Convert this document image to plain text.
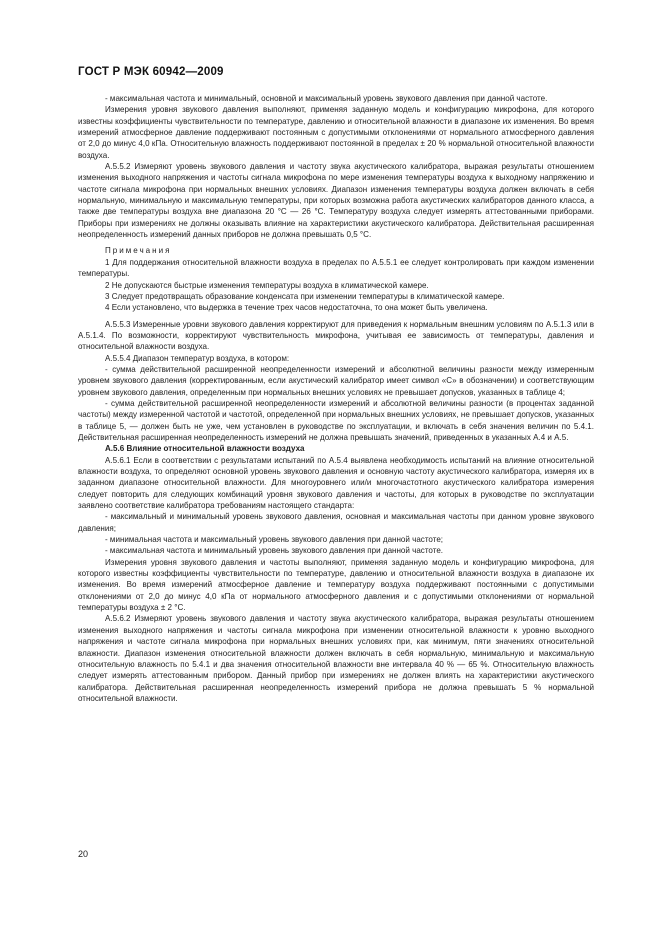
ГОСТ Р МЭК 60942—2009

- максимальная частота и минимальный, основной и максимальный уровень звукового давления при данной частоте.

Измерения уровня звукового давления выполняют, применяя заданную модель и конфигурацию микрофона, для которого известны коэффициенты чувствительности по температуре, давлению и относительной влажности в диапазоне их изменения. Во время измерений атмосферное давление поддерживают постоянным с допустимыми отклонениями от нормального атмосферного давления от 2,0 до минус 4,0 кПа. Относительную влажность поддерживают постоянной в пределах ± 20 % нормальной относительной влажности воздуха.

А.5.5.2 Измеряют уровень звукового давления и частоту звука акустического калибратора, выражая результаты отношением изменения выходного напряжения и частоты сигнала микрофона по мере изменения температуры воздуха к выходному напряжению и частоте сигнала микрофона при нормальных внешних условиях. Диапазон изменения температуры воздуха должен включать в себя нормальную, минимальную и максимальную температуры, при которых возможна работа акустических калибраторов данного класса, а также две температуры воздуха вне диапазона 20 °С — 26 °С. Температуру воздуха следует измерять аттестованными приборами. Приборы при измерениях не должны оказывать влияние на характеристики акустического калибратора. Действительная расширенная неопределенность измерений данных приборов не должна превышать 0,5 °С.

Примечания

1 Для поддержания относительной влажности воздуха в пределах по А.5.5.1 ее следует контролировать при каждом изменении температуры.

2 Не допускаются быстрые изменения температуры воздуха в климатической камере.

3 Следует предотвращать образование конденсата при изменении температуры в климатической камере.

4 Если установлено, что выдержка в течение трех часов недостаточна, то она может быть увеличена.

А.5.5.3 Измеренные уровни звукового давления корректируют для приведения к нормальным внешним условиям по А.5.1.3 или в А.5.1.4. По возможности, корректируют чувствительность микрофона, учитывая ее зависимость от температуры, давления и относительной влажности воздуха.

А.5.5.4 Диапазон температур воздуха, в котором:

- сумма действительной расширенной неопределенности измерений и абсолютной величины разности между измеренным уровнем звукового давления (корректированным, если акустический калибратор имеет символ «С» в обозначении) и соответствующим уровнем звукового давления, определенным при нормальных внешних условиях не превышает допусков, указанных в таблице 4;

- сумма действительной расширенной неопределенности измерений и абсолютной величины разности (в процентах заданной частоты) между измеренной частотой и частотой, определенной при нормальных внешних условиях, не превышает допусков, указанных в таблице 5, — должен быть не уже, чем установлен в руководстве по эксплуатации, и включать в себя значения величин по 5.4.1. Действительная расширенная неопределенность измерений не должна превышать значений, приведенных в указанных А.4 и А.5.

А.5.6 Влияние относительной влажности воздуха

А.5.6.1 Если в соответствии с результатами испытаний по А.5.4 выявлена необходимость испытаний на влияние относительной влажности воздуха, то определяют основной уровень звукового давления и основную частоту акустического калибратора, измеряя их в заданном диапазоне относительной влажности. Для многоуровнего или/и многочастотного акустического калибратора измерения следует повторить для следующих комбинаций уровня звукового давления и частоты, для которых в руководстве по эксплуатации заявлено соответствие калибратора требованиям настоящего стандарта:

- максимальный и минимальный уровень звукового давления, основная и максимальная частоты при данном уровне звукового давления;

- минимальная частота и максимальный уровень звукового давления при данной частоте;

- максимальная частота и минимальный уровень звукового давления при данной частоте.

Измерения уровня звукового давления и частоты выполняют, применяя заданную модель и конфигурацию микрофона, для которого известны коэффициенты чувствительности по температуре, давлению и относительной влажности воздуха в диапазоне их изменения. Во время измерений атмосферное давление и температуру воздуха поддерживают постоянными с допустимыми отклонениями от 2,0 до минус 4,0 кПа от нормального атмосферного давления и с допустимыми отклонениями от нормальной температуры воздуха ± 2 °С.

А.5.6.2 Измеряют уровень звукового давления и частоту звука акустического калибратора, выражая результаты отношением изменения выходного напряжения и частоты сигнала микрофона при изменении относительной влажности к уровню выходного напряжения и частоте сигнала микрофона при нормальных внешних условиях при, как минимум, пяти значениях относительной влажности. Диапазон изменения относительной влажности должен включать в себя нормальную, минимальную и максимальную относительную влажность по 5.4.1 и два значения относительной влажности вне интервала 40 % — 65 %. Относительную влажность следует измерять аттестованным прибором. Данный прибор при измерениях не должен влиять на характеристики акустического калибратора. Действительная расширенная неопределенность измерений прибора не должна превышать 5 % нормальной относительной влажности.

20
